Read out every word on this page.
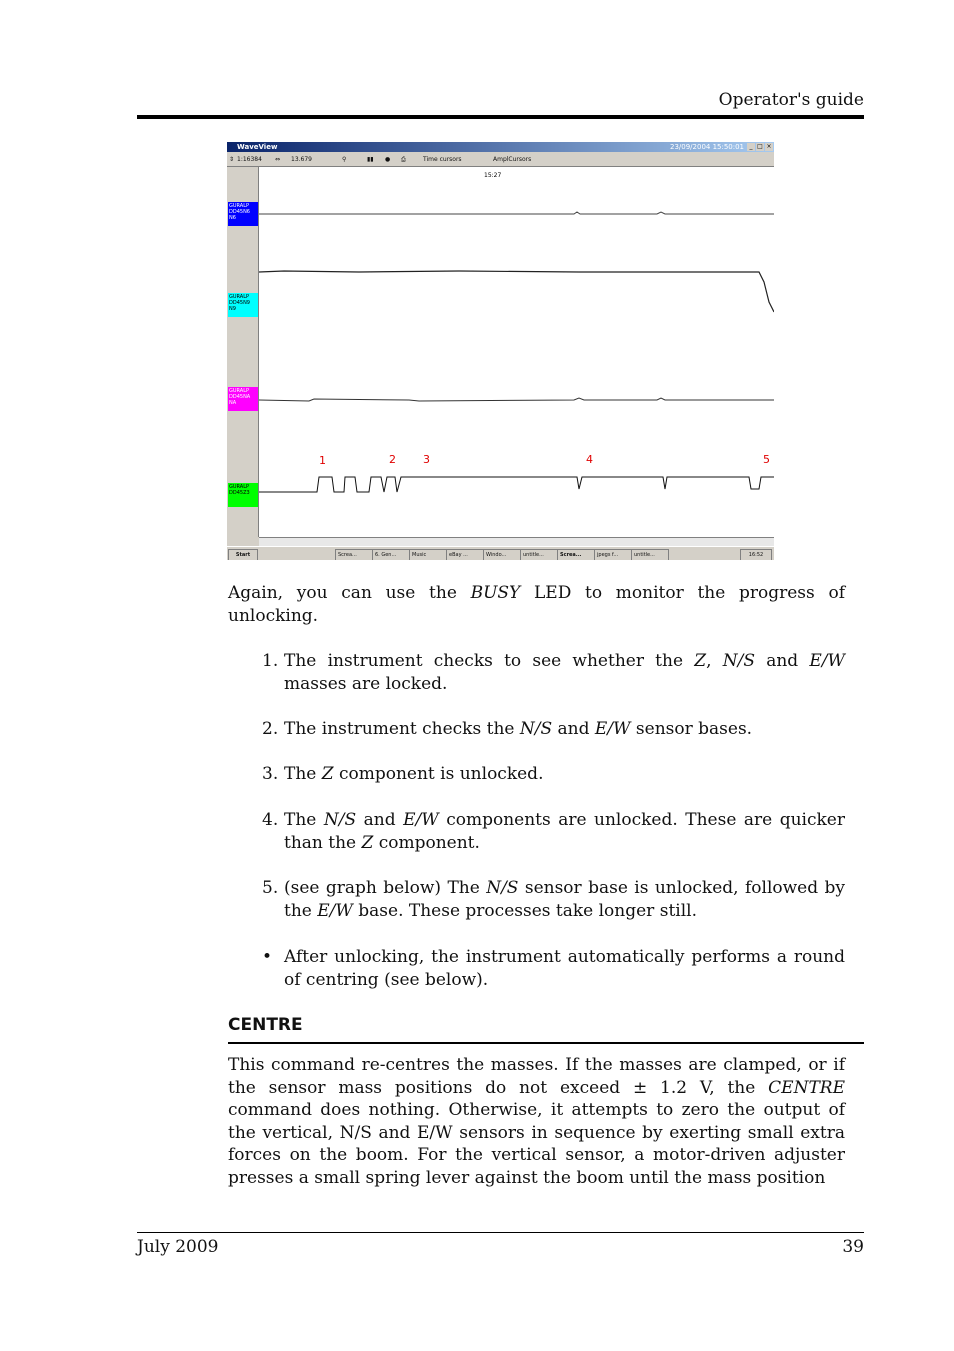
Operator's guide
WaveView	23/09/2004 15:50:01 _ □ ×
⇕ 1:16384 ⇔ 13.679	⚲	▮▮ ● ⎙	Time cursors	AmplCursors
GURALP
DD45N6
N6
GURALP
DD45N9
N9
GURALP
DD45NA
NA
GURALP
DD45Z3
15:27
1	2 3	4	5
Start	Screa...	6. Gen...	Music	eBay ...	Windo...	untitle...	Screa...	jpegs f...	untitle...	16:52
Again, you can use the BUSY LED to monitor the progress of unlocking.
1. The instrument checks to see whether the Z, N/S and E/W masses are locked.
2. The instrument checks the N/S and E/W sensor bases.
3. The Z component is unlocked.
4. The N/S and E/W components are unlocked. These are quicker than the Z component.
5. (see graph below) The N/S sensor base is unlocked, followed by the E/W base. These processes take longer still.
• After unlocking, the instrument automatically performs a round of centring (see below).
CENTRE
This command re-centres the masses. If the masses are clamped, or if the sensor mass positions do not exceed ± 1.2 V, the CENTRE command does nothing. Otherwise, it attempts to zero the output of the vertical, N/S and E/W sensors in sequence by exerting small extra forces on the boom. For the vertical sensor, a motor-driven adjuster presses a small spring lever against the boom until the mass position
July 2009	39
